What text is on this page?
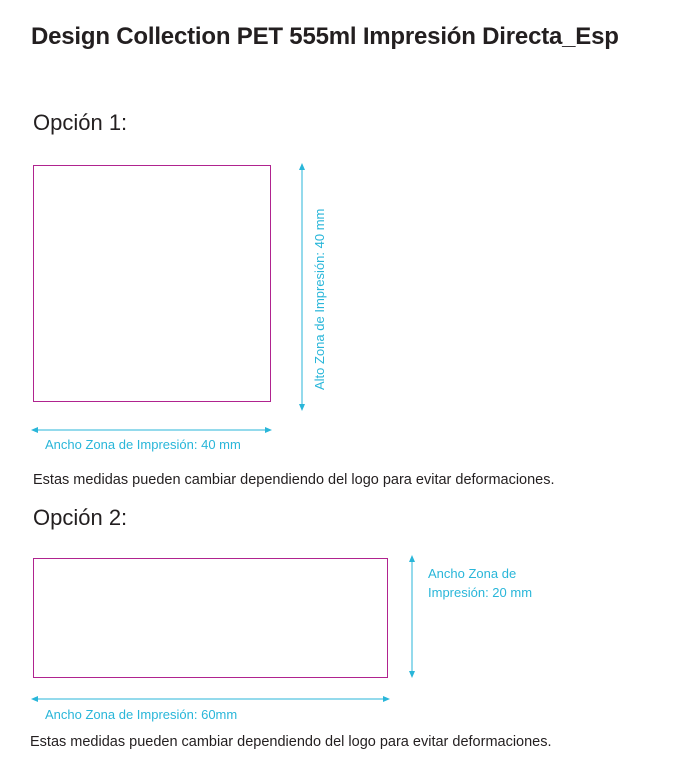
Design Collection PET 555ml Impresión Directa_Esp
Opción 1:
Alto Zona de Impresión: 40 mm
Ancho Zona de Impresión: 40 mm
Estas medidas pueden cambiar dependiendo del logo para evitar deformaciones.
Opción 2:
Ancho Zona de
Impresión: 20 mm
Ancho Zona de Impresión: 60mm
Estas medidas pueden cambiar dependiendo del logo para evitar deformaciones.
